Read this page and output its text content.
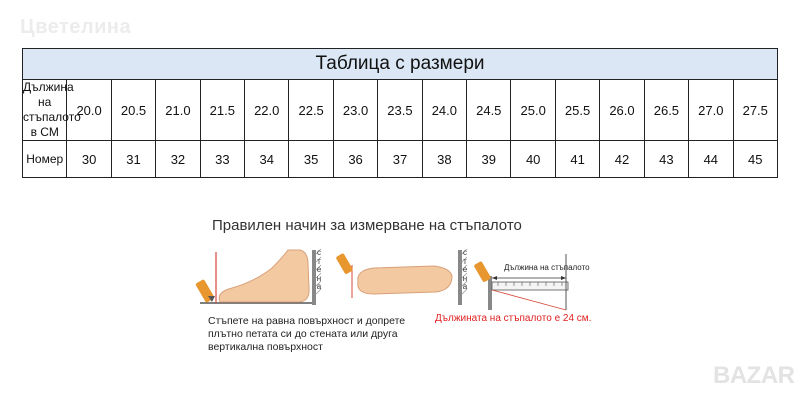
Цветелина
Таблица с размери																
Дължина на стъпалото в СМ	20.0	20.5	21.0	21.5	22.0	22.5	23.0	23.5	24.0	24.5	25.0	25.5	26.0	26.5	27.0	27.5
Номер	30	31	32	33	34	35	36	37	38	39	40	41	42	43	44	45
Правилен начин за измерване на стъпалото
с
т
е
н
а
с
т
е
н
а
Дължина на стъпалото
Стъпете на равна повърхност и допрете
плътно петата си до стената или друга
вертикална повърхност
Дължината на стъпалото е 24 см.
BAZAR
